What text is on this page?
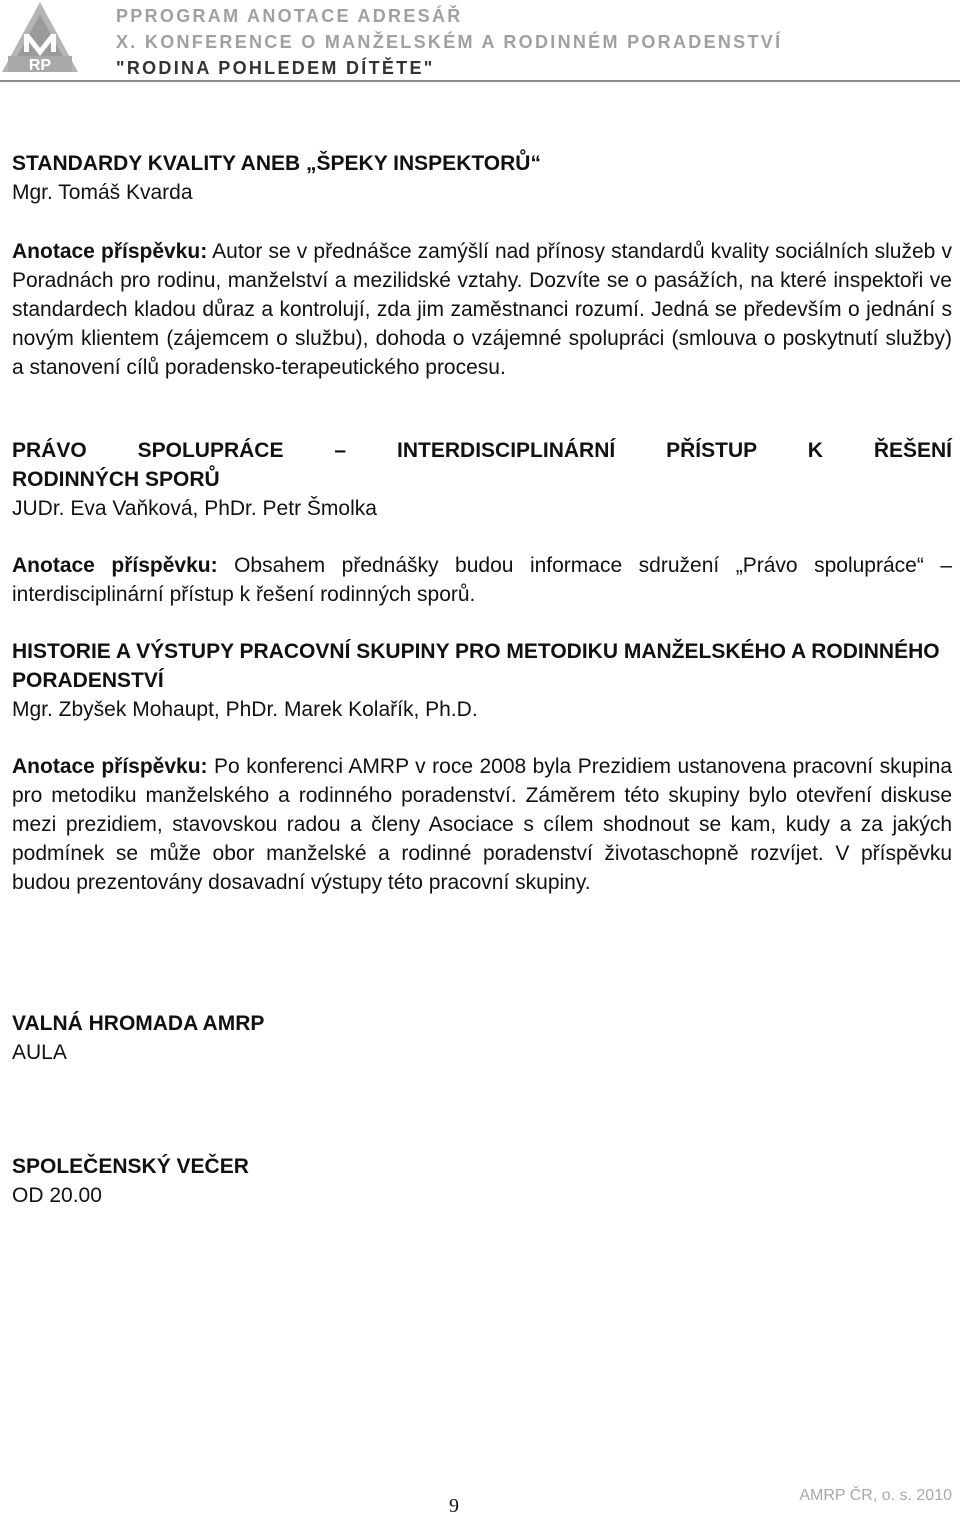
RP
PPROGRAM ANOTACE ADRESÁŘ
X. KONFERENCE O MANŽELSKÉM A RODINNÉM PORADENSTVÍ
"RODINA POHLEDEM DÍTĚTE"
STANDARDY KVALITY ANEB „ŠPEKY INSPEKTORŮ“
Mgr. Tomáš Kvarda
Anotace příspěvku: Autor se v přednášce zamýšlí nad přínosy standardů kvality sociálních služeb v Poradnách pro rodinu, manželství a mezilidské vztahy. Dozvíte se o pasážích, na které inspektoři ve standardech kladou důraz a kontrolují, zda jim zaměstnanci rozumí. Jedná se především o jednání s novým klientem (zájemcem o službu), dohoda o vzájemné spolupráci (smlouva o poskytnutí služby) a stanovení cílů poradensko-terapeutického procesu.
PRÁVO SPOLUPRÁCE – INTERDISCIPLINÁRNÍ PŘÍSTUP K ŘEŠENÍ
RODINNÝCH SPORŮ
JUDr. Eva Vaňková, PhDr. Petr Šmolka
Anotace příspěvku: Obsahem přednášky budou informace sdružení „Právo spolupráce“ – interdisciplinární přístup k řešení rodinných sporů.
HISTORIE A VÝSTUPY PRACOVNÍ SKUPINY PRO METODIKU MANŽELSKÉHO A RODINNÉHO PORADENSTVÍ
Mgr. Zbyšek Mohaupt, PhDr. Marek Kolařík, Ph.D.
Anotace příspěvku: Po konferenci AMRP v roce 2008 byla Prezidiem ustanovena pracovní skupina pro metodiku manželského a rodinného poradenství. Záměrem této skupiny bylo otevření diskuse mezi prezidiem, stavovskou radou a členy Asociace s cílem shodnout se kam, kudy a za jakých podmínek se může obor manželské a rodinné poradenství životaschopně rozvíjet. V příspěvku budou prezentovány dosavadní výstupy této pracovní skupiny.
VALNÁ HROMADA AMRP
AULA
SPOLEČENSKÝ VEČER
OD 20.00
9	AMRP ČR, o. s. 2010
